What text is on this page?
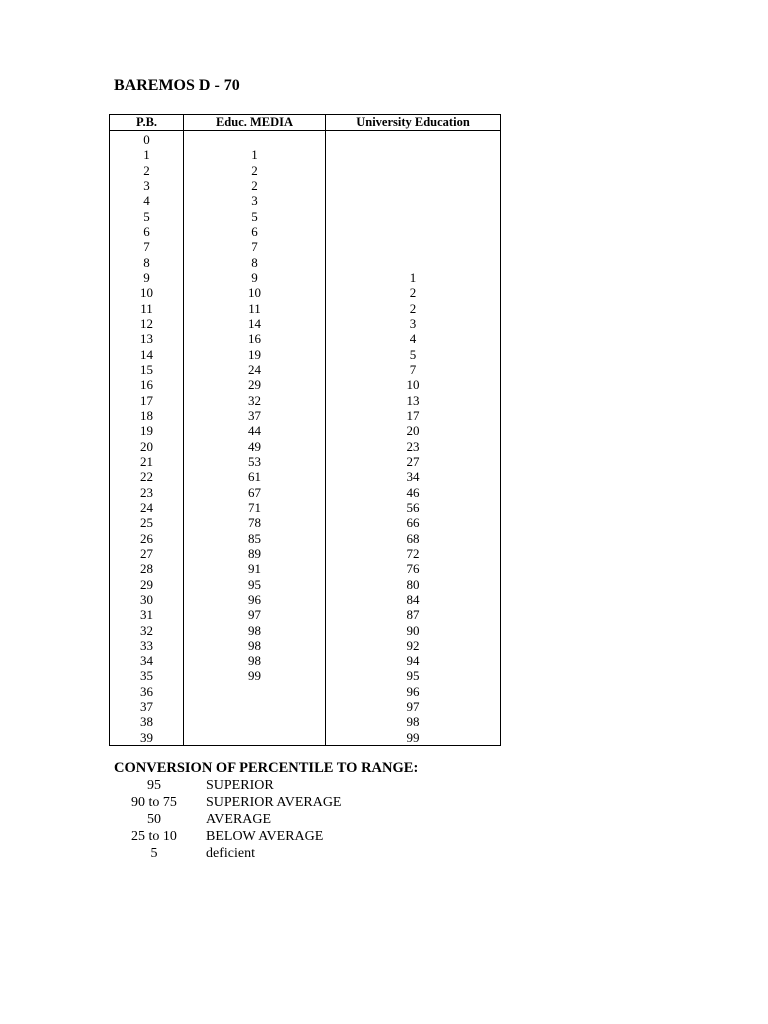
BAREMOS D - 70
P.B.	Educ. MEDIA	University Education
0		
1	1	
2	2	
3	2	
4	3	
5	5	
6	6	
7	7	
8	8	
9	9	1
10	10	2
11	11	2
12	14	3
13	16	4
14	19	5
15	24	7
16	29	10
17	32	13
18	37	17
19	44	20
20	49	23
21	53	27
22	61	34
23	67	46
24	71	56
25	78	66
26	85	68
27	89	72
28	91	76
29	95	80
30	96	84
31	97	87
32	98	90
33	98	92
34	98	94
35	99	95
36		96
37		97
38		98
39		99

CONVERSION OF PERCENTILE TO RANGE:

95	SUPERIOR
90 to 75	SUPERIOR AVERAGE
50	AVERAGE
25 to 10	BELOW AVERAGE
5	deficient
